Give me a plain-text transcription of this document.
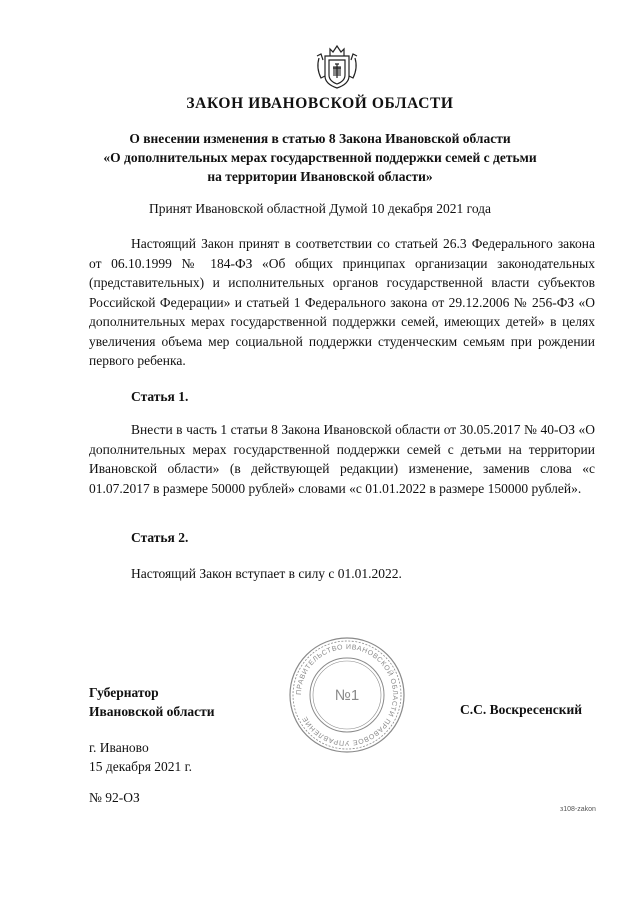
ЗАКОН ИВАНОВСКОЙ ОБЛАСТИ
О внесении изменения в статью 8 Закона Ивановской области
«О дополнительных мерах государственной поддержки семей с детьми
на территории Ивановской области»
Принят Ивановской областной Думой 10 декабря 2021 года

Настоящий Закон принят в соответствии со статьей 26.3 Федерального закона от 06.10.1999 № 184-ФЗ «Об общих принципах организации законодательных (представительных) и исполнительных органов государственной власти субъектов Российской Федерации» и статьей 1 Федерального закона от 29.12.2006 № 256-ФЗ «О дополнительных мерах государственной поддержки семей, имеющих детей» в целях увеличения объема мер социальной поддержки студенческим семьям при рождении первого ребенка.

Статья 1.

Внести в часть 1 статьи 8 Закона Ивановской области от 30.05.2017 № 40-ОЗ «О дополнительных мерах государственной поддержки семей с детьми на территории Ивановской области» (в действующей редакции) изменение, заменив слова «с 01.07.2017 в размере 50000 рублей» словами «с 01.01.2022 в размере 150000 рублей».

Статья 2.

Настоящий Закон вступает в силу с 01.01.2022.

ПРАВИТЕЛЬСТВО ИВАНОВСКОЙ ОБЛАСТИ ПРАВОВОЕ УПРАВЛЕНИЕ
№1
Губернатор
Ивановской области	С.С. Воскресенский
г. Иваново
15 декабря 2021 г.
№ 92-ОЗ
з108-zakon
